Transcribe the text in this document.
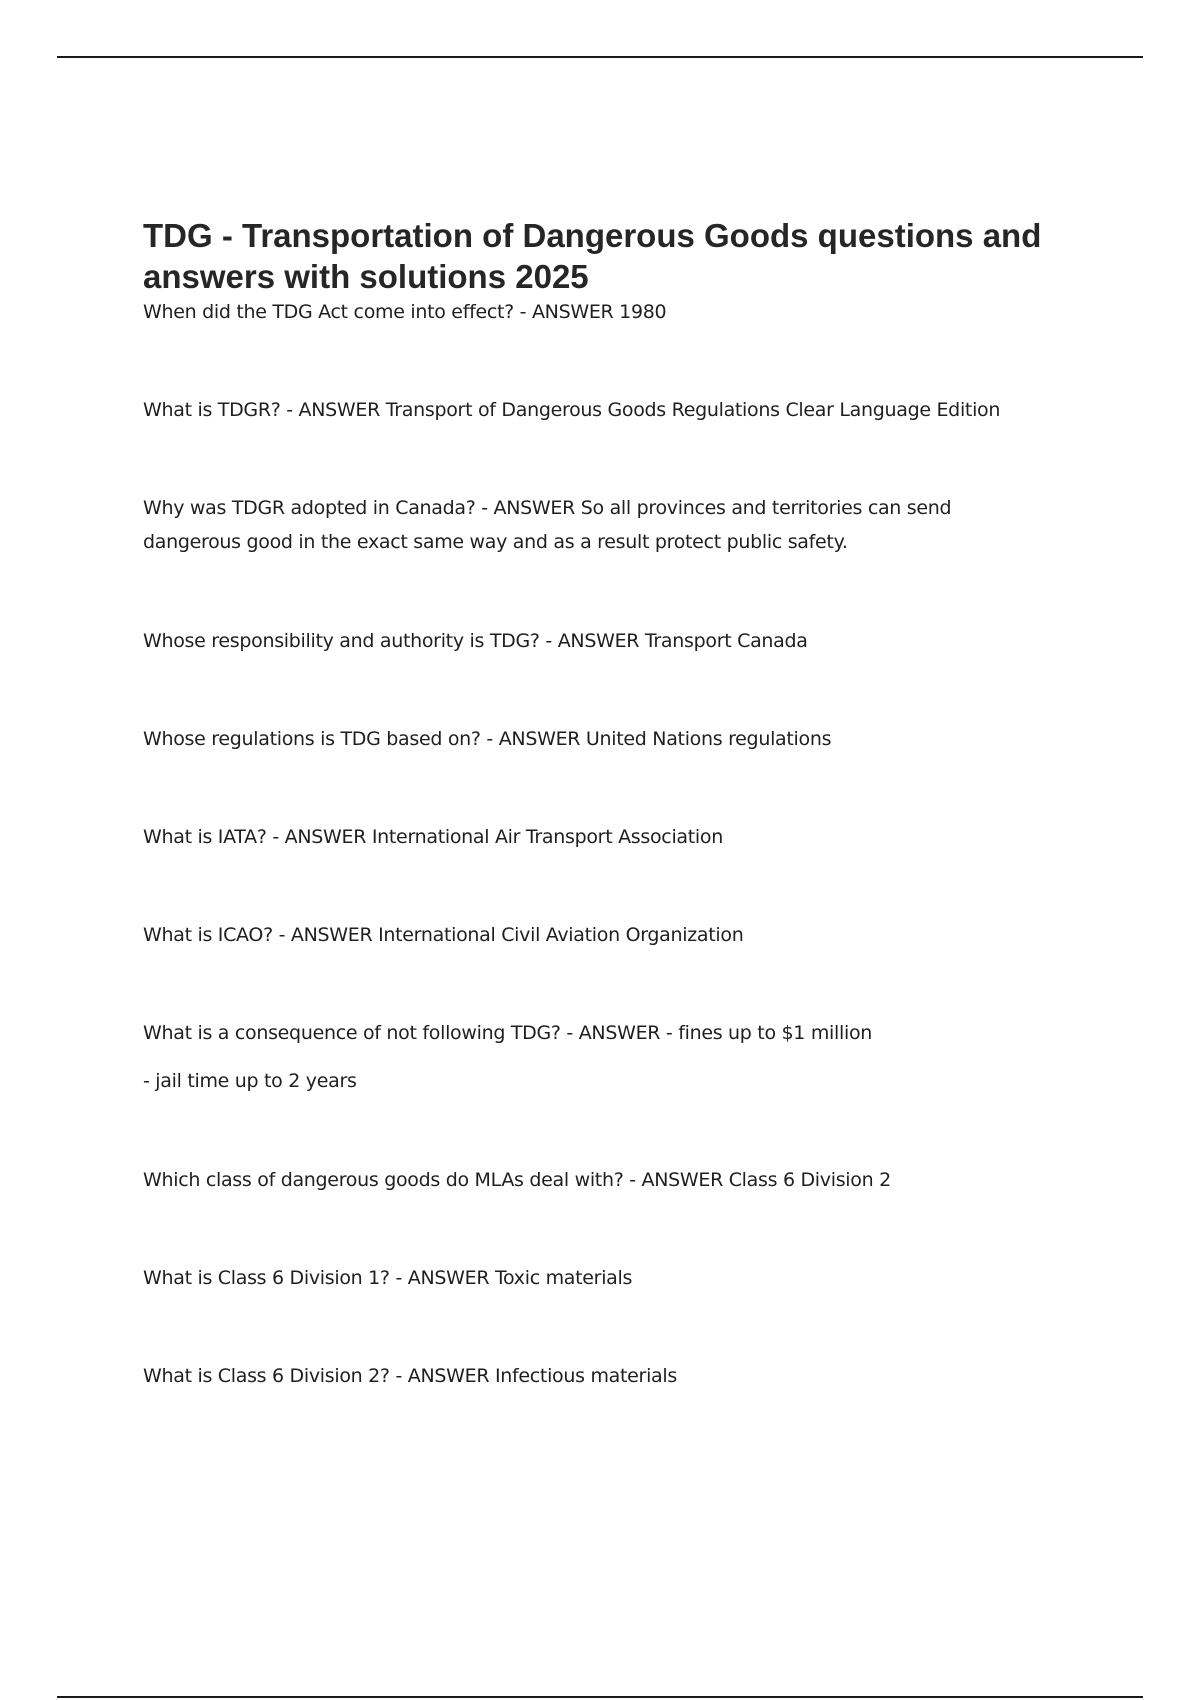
TDG - Transportation of Dangerous Goods questions and answers with solutions 2025
When did the TDG Act come into effect? - ANSWER 1980
What is TDGR? - ANSWER Transport of Dangerous Goods Regulations Clear Language Edition
Why was TDGR adopted in Canada? - ANSWER So all provinces and territories can send
dangerous good in the exact same way and as a result protect public safety.
Whose responsibility and authority is TDG? - ANSWER Transport Canada
Whose regulations is TDG based on? - ANSWER United Nations regulations
What is IATA? - ANSWER International Air Transport Association
What is ICAO? - ANSWER International Civil Aviation Organization
What is a consequence of not following TDG? - ANSWER - fines up to $1 million
- jail time up to 2 years
Which class of dangerous goods do MLAs deal with? - ANSWER Class 6 Division 2
What is Class 6 Division 1? - ANSWER Toxic materials
What is Class 6 Division 2? - ANSWER Infectious materials
